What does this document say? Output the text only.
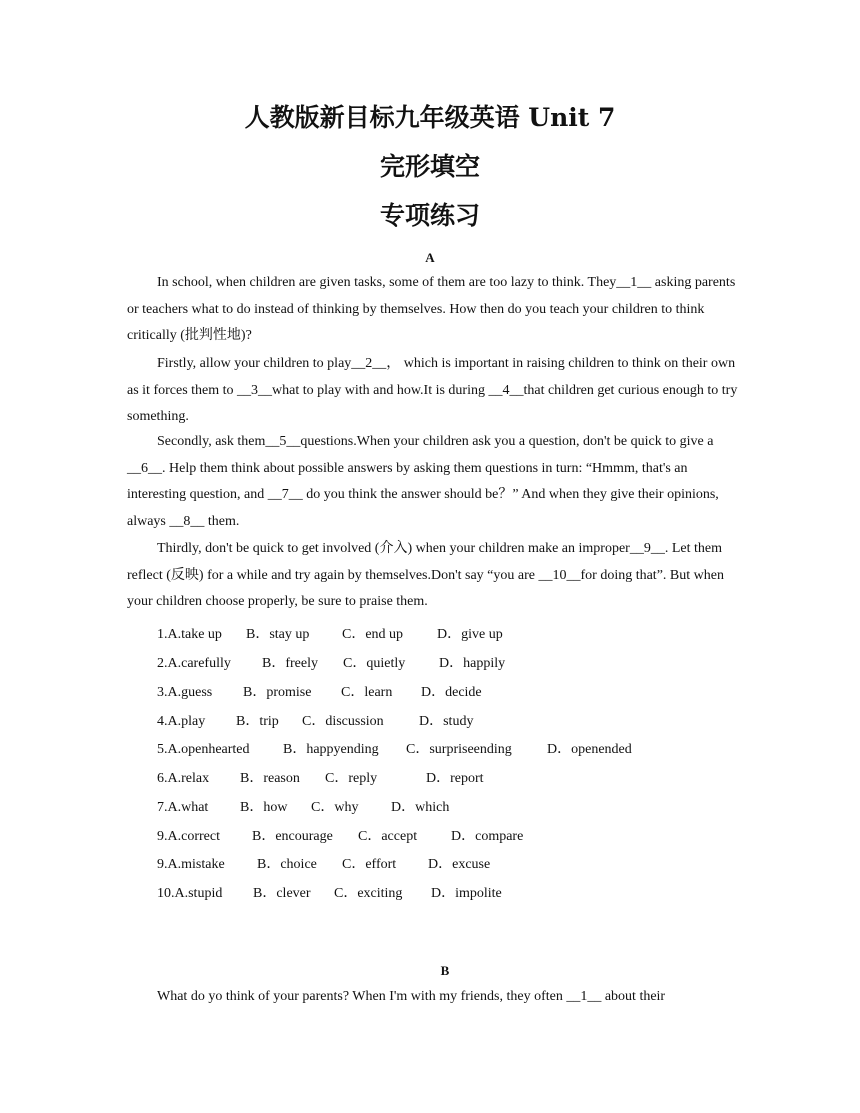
人教版新目标九年级英语 Unit 7
完形填空
专项练习
A

In school, when children are given tasks, some of them are too lazy to think. They__1__ asking parents or teachers what to do instead of thinking by themselves. How then do you teach your children to think critically (批判性地)?

Firstly, allow your children to play__2__， which is important in raising children to think on their own as it forces them to __3__what to play with and how.It is during __4__that children get curious enough to try something.

Secondly, ask them__5__questions.When your children ask you a question, don't be quick to give a __6__. Help them think about possible answers by asking them questions in turn: “Hmmm, that's an interesting question, and __7__ do you think the answer should be？” And when they give their opinions, always __8__ them.

Thirdly, don't be quick to get involved (介入) when your children make an improper__9__. Let them reflect (反映) for a while and try again by themselves.Don't say “you are __10__for doing that”. But when your children choose properly, be sure to praise them.

1.A.take up B．stay up C．end up D．give up
2.A.carefully B．freely C．quietly D．happily
3.A.guess B．promise C．learn D．decide
4.A.play B．trip C．discussion	D．study
5.A.openhearted B．happyending C．surpriseending	D．openended
6.A.relax B．reason C．reply	D．report
7.A.what B．how C．why D．which
9.A.correct B．encourage C．accept D．compare
9.A.mistake B．choice C．effort D．excuse
10.A.stupid B．clever C．exciting D．impolite
B

What do yo think of your parents? When I'm with my friends, they often __1__ about their
